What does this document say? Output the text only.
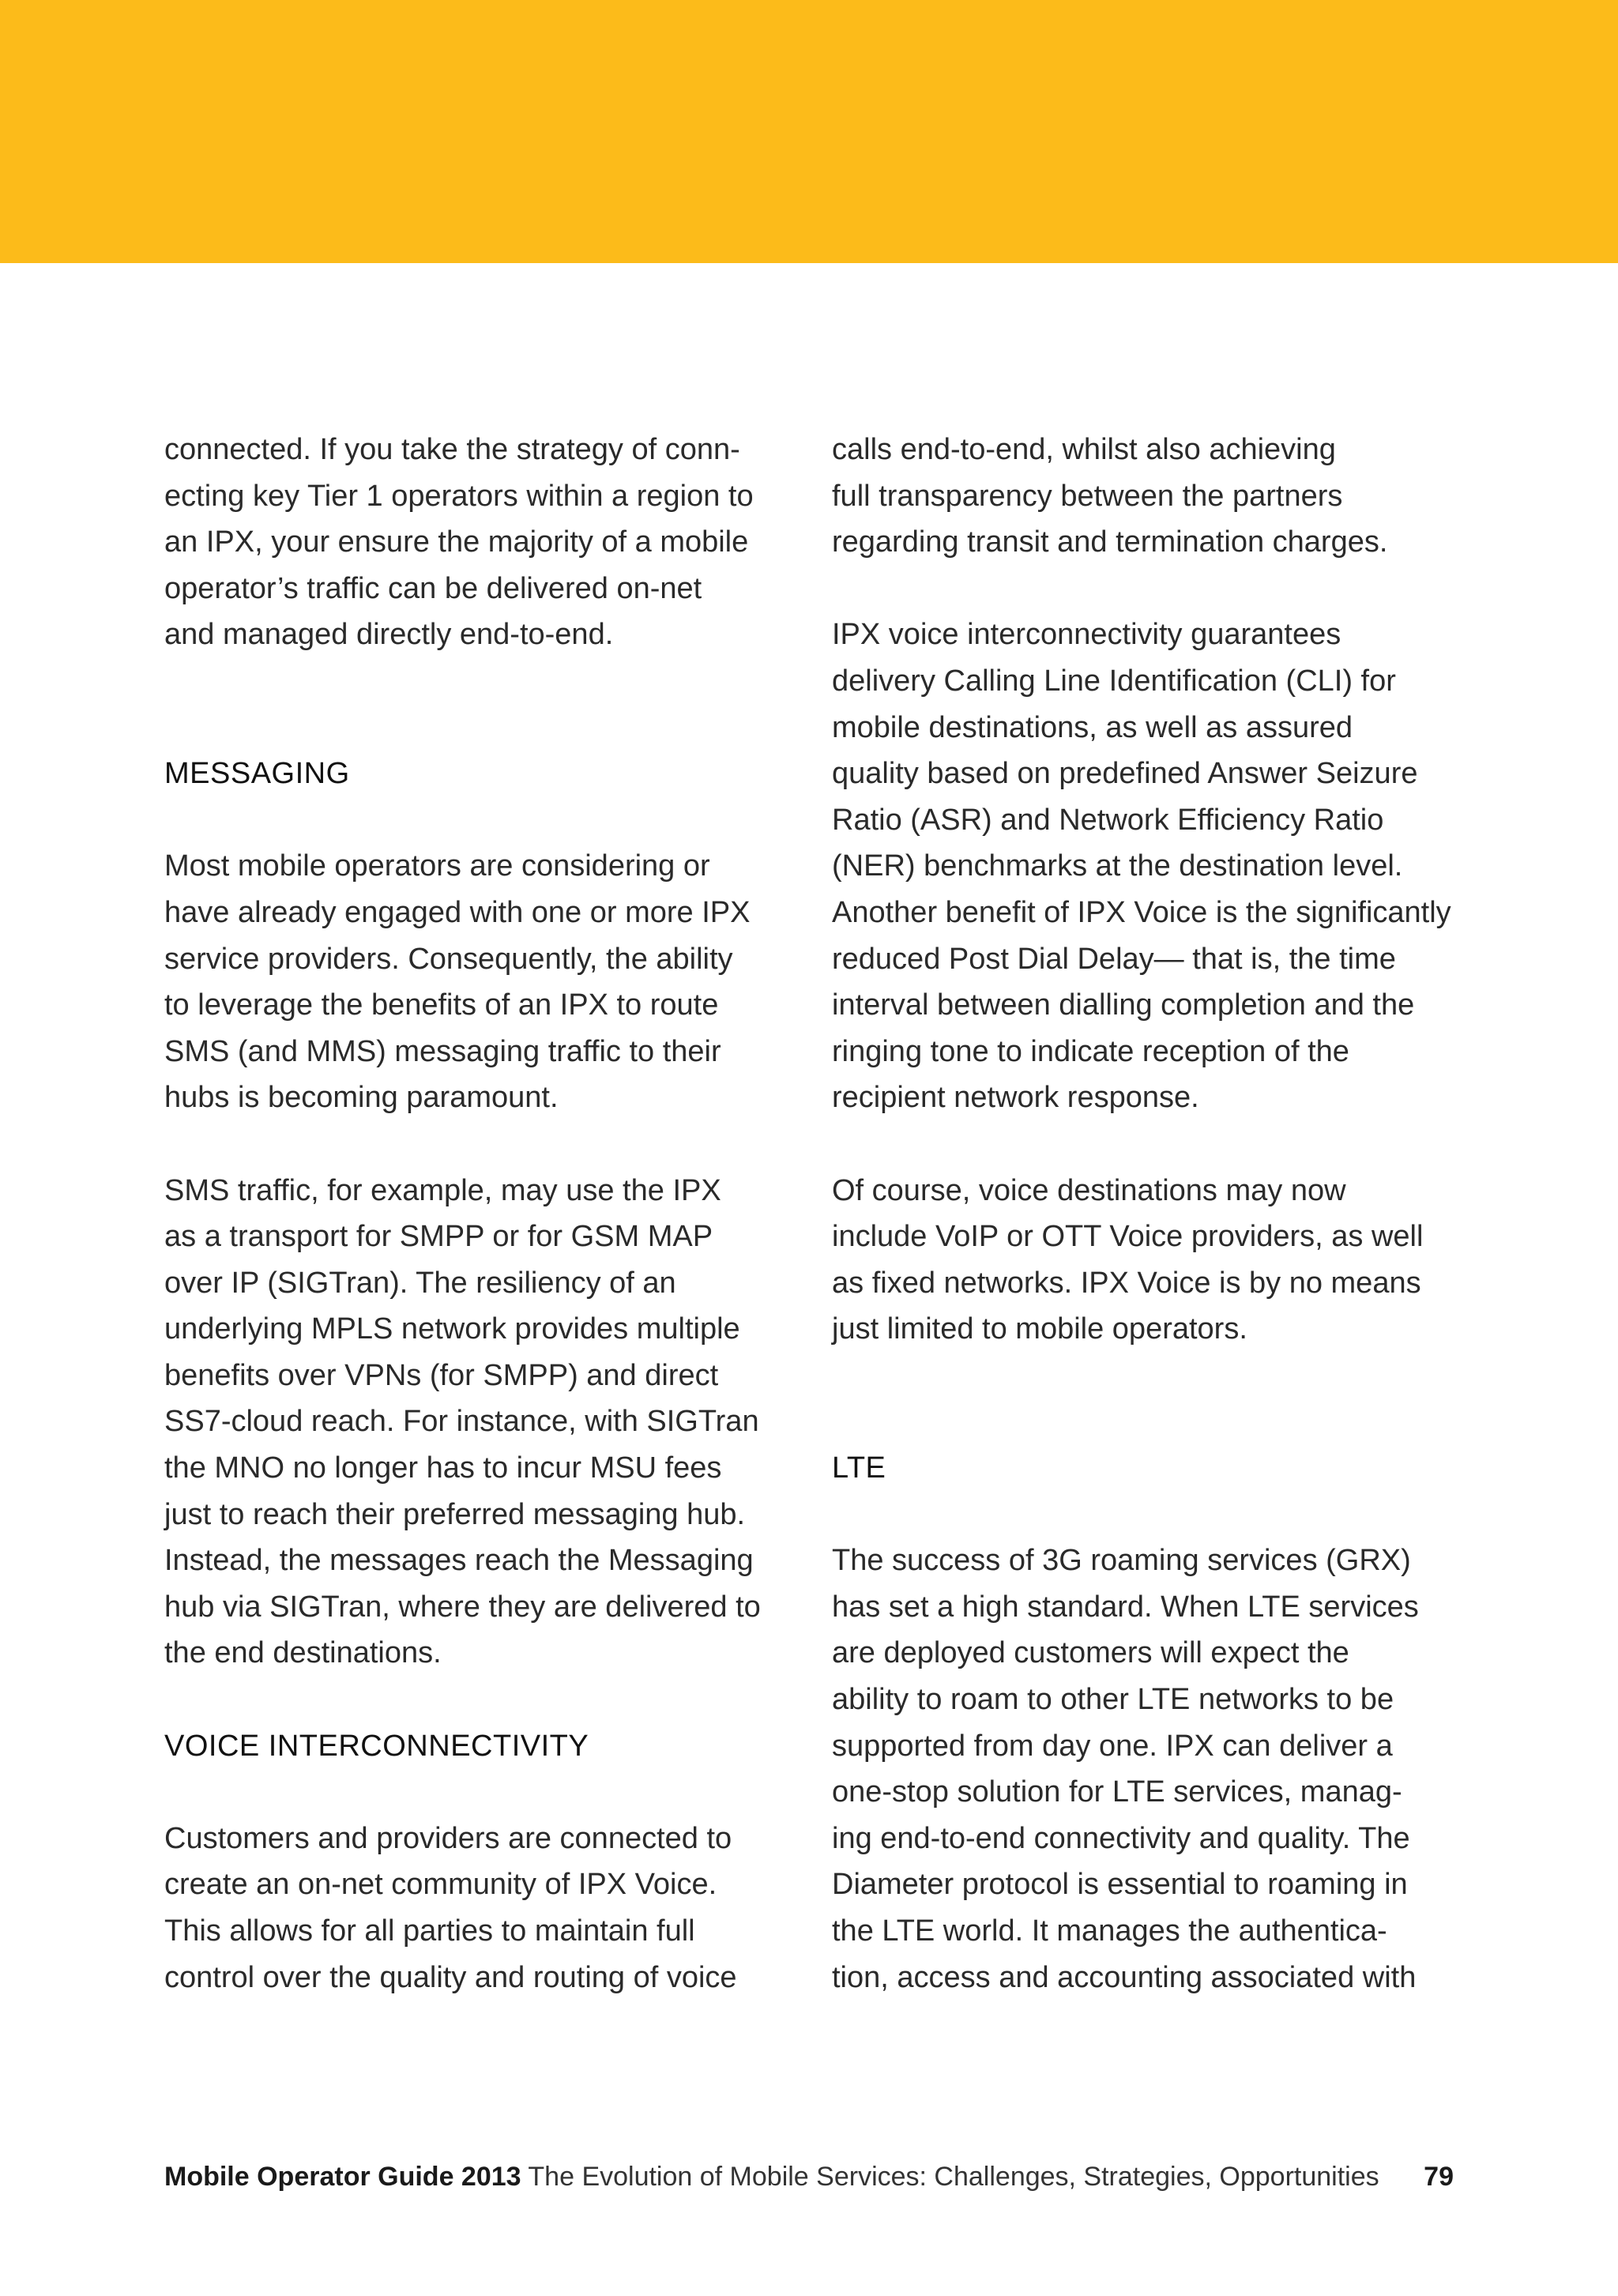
connected. If you take the strategy of conn-
ecting key Tier 1 operators within a region to
an IPX, your ensure the majority of a mobile
operator’s traffic can be delivered on-net
and managed directly end-to-end.
MESSAGING
Most mobile operators are considering or
have already engaged with one or more IPX
service providers. Consequently, the ability
to leverage the benefits of an IPX to route
SMS (and MMS) messaging traffic to their
hubs is becoming paramount.
SMS traffic, for example, may use the IPX
as a transport for SMPP or for GSM MAP
over IP (SIGTran). The resiliency of an
underlying MPLS network provides multiple
benefits over VPNs (for SMPP) and direct
SS7-cloud reach. For instance, with SIGTran
the MNO no longer has to incur MSU fees
just to reach their preferred messaging hub.
Instead, the messages reach the Messaging
hub via SIGTran, where they are delivered to
the end destinations.
VOICE INTERCONNECTIVITY
Customers and providers are connected to
create an on-net community of IPX Voice.
This allows for all parties to maintain full
control over the quality and routing of voice
calls end-to-end, whilst also achieving
full transparency between the partners
regarding transit and termination charges.
IPX voice interconnectivity guarantees
delivery Calling Line Identification (CLI) for
mobile destinations, as well as assured
quality based on predefined Answer Seizure
Ratio (ASR) and Network Efficiency Ratio
(NER) benchmarks at the destination level.
Another benefit of IPX Voice is the significantly
reduced Post Dial Delay— that is, the time
interval between dialling completion and the
ringing tone to indicate reception of the
recipient network response.
Of course, voice destinations may now
include VoIP or OTT Voice providers, as well
as fixed networks. IPX Voice is by no means
just limited to mobile operators.
LTE
The success of 3G roaming services (GRX)
has set a high standard. When LTE services
are deployed customers will expect the
ability to roam to other LTE networks to be
supported from day one. IPX can deliver a
one-stop solution for LTE services, manag-
ing end-to-end connectivity and quality. The
Diameter protocol is essential to roaming in
the LTE world. It manages the authentica-
tion, access and accounting associated with
Mobile Operator Guide 2013 The Evolution of Mobile Services: Challenges, Strategies, Opportunities 79
